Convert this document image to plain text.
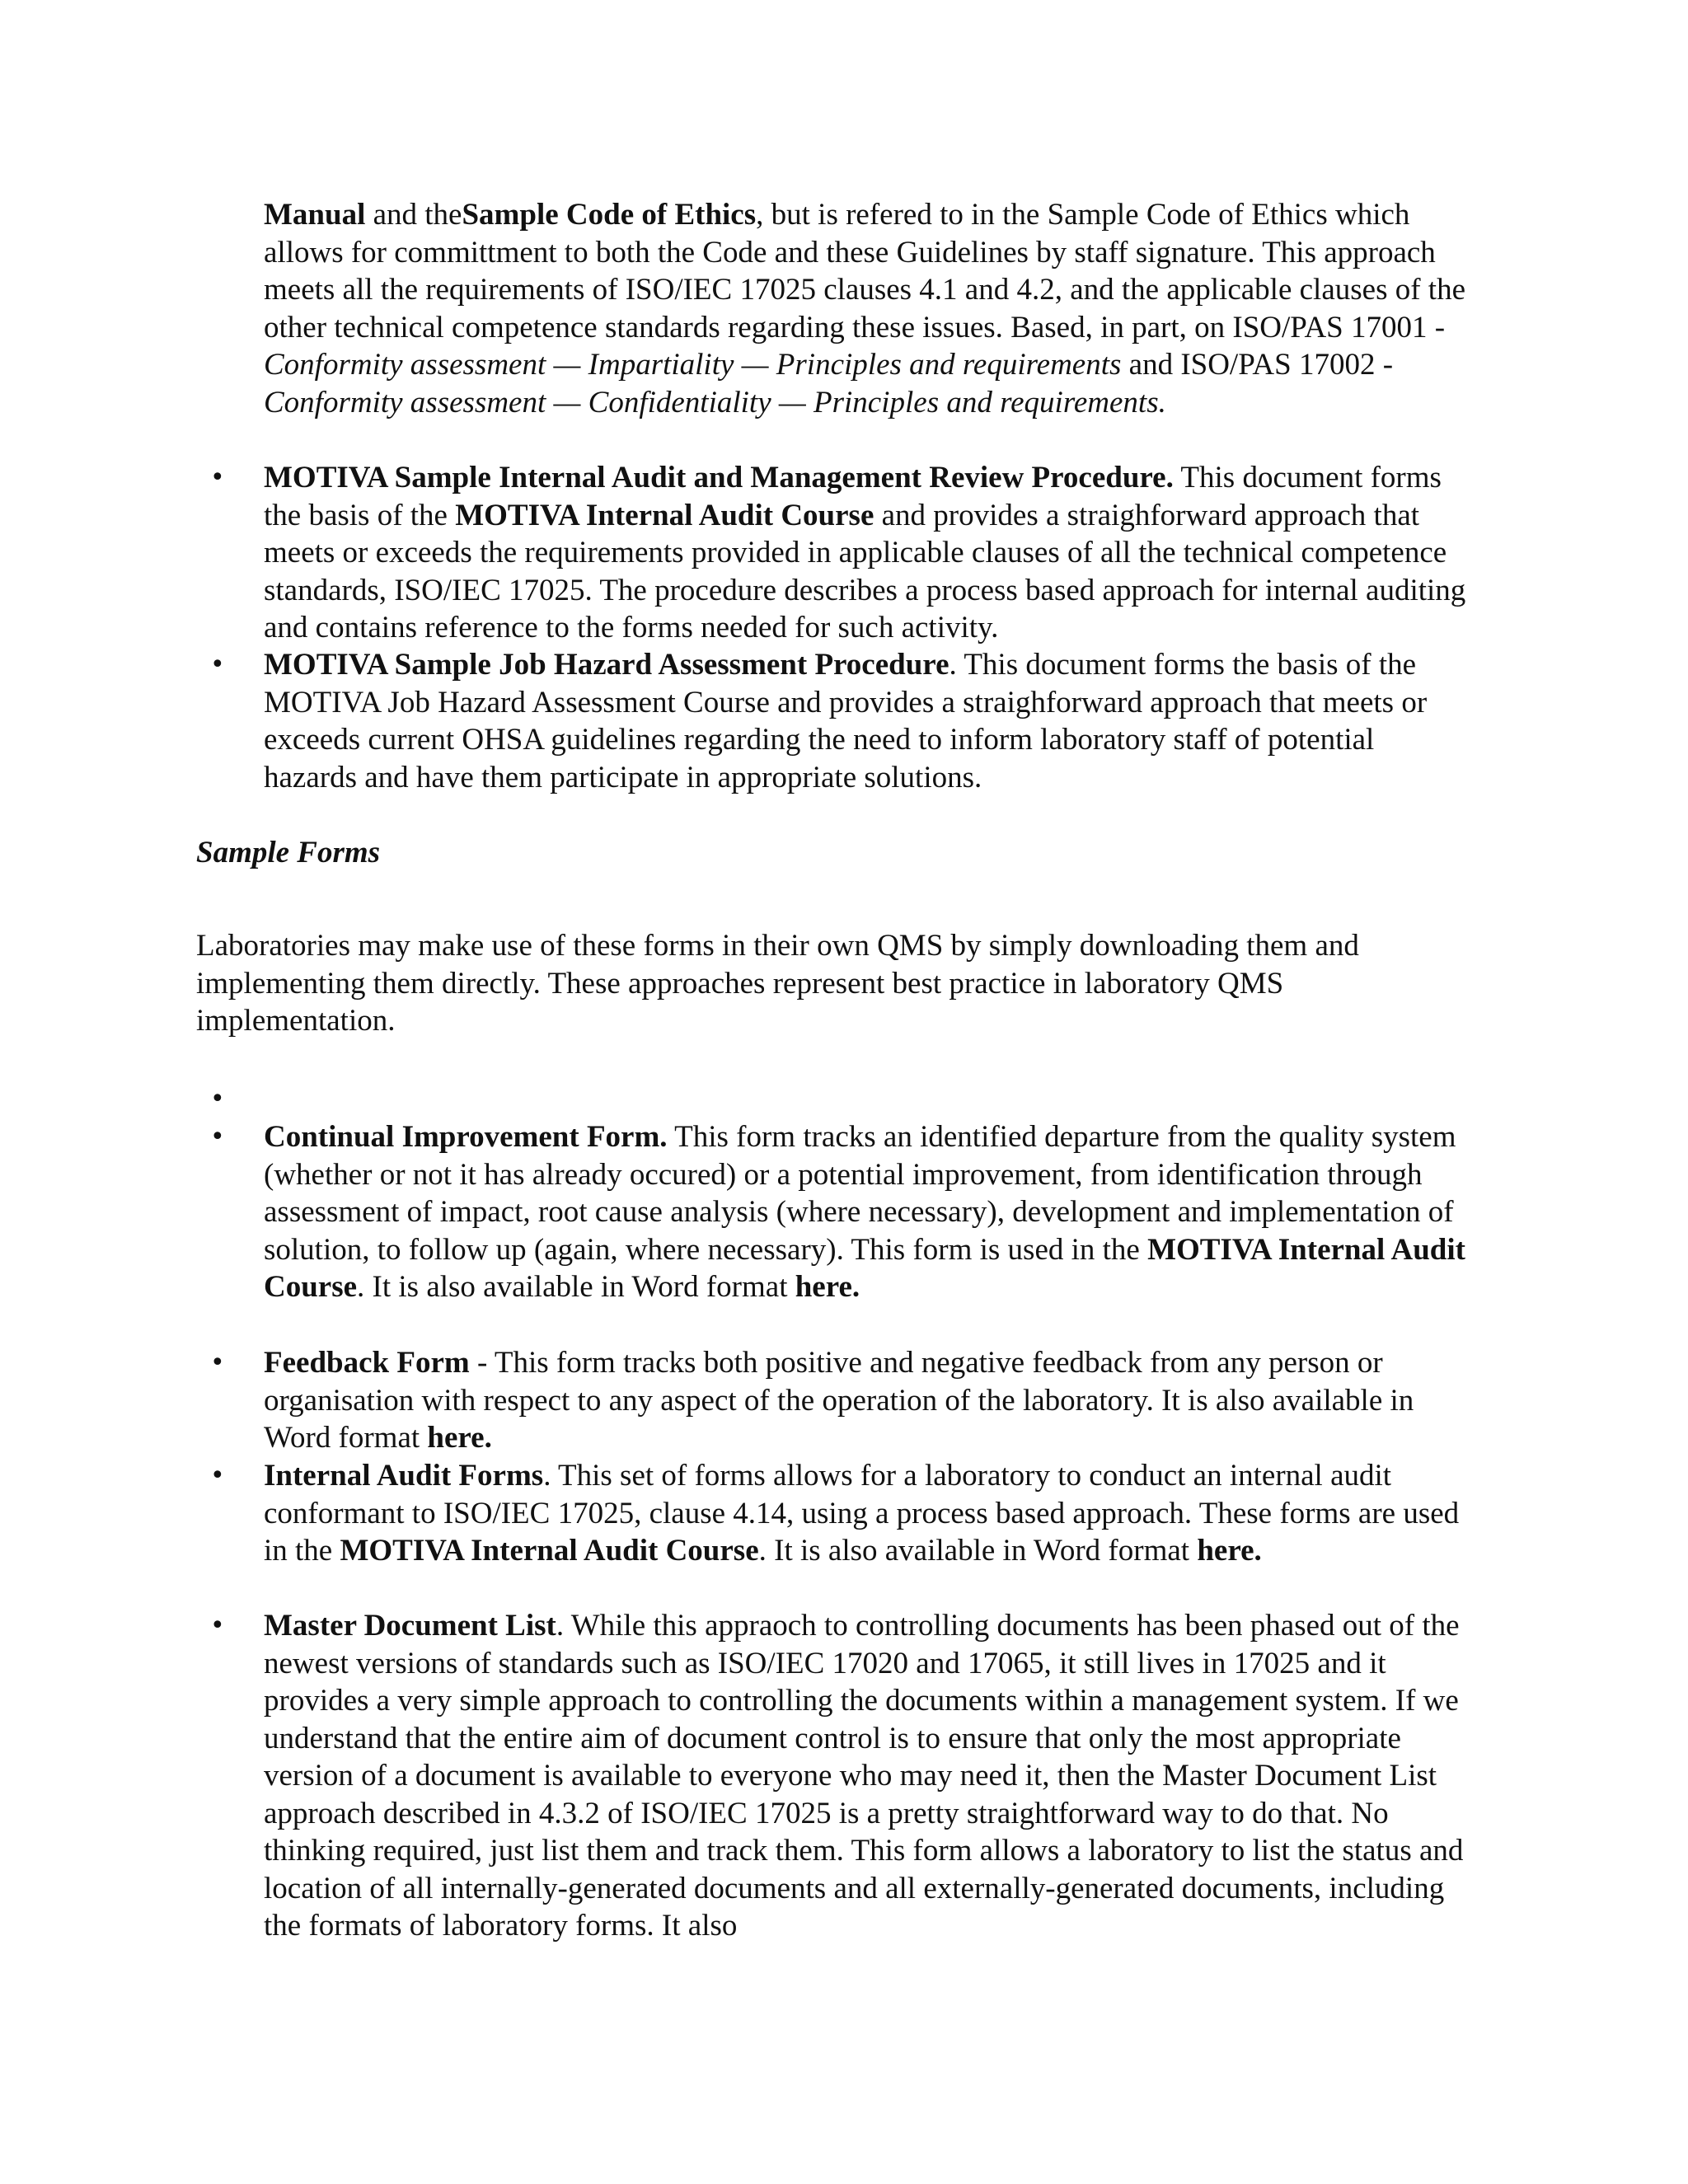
Manual and theSample Code of Ethics, but is refered to in the Sample Code of Ethics which allows for committment to both the Code and these Guidelines by staff signature. This approach meets all the requirements of ISO/IEC 17025 clauses 4.1 and 4.2, and the applicable clauses of the other technical competence standards regarding these issues. Based, in part, on ISO/PAS 17001 - Conformity assessment — Impartiality — Principles and requirements and ISO/PAS 17002 - Conformity assessment — Confidentiality — Principles and requirements.

• MOTIVA Sample Internal Audit and Management Review Procedure. This document forms the basis of the MOTIVA Internal Audit Course and provides a straighforward approach that meets or exceeds the requirements provided in applicable clauses of all the technical competence standards, ISO/IEC 17025. The procedure describes a process based approach for internal auditing and contains reference to the forms needed for such activity.

• MOTIVA Sample Job Hazard Assessment Procedure. This document forms the basis of the MOTIVA Job Hazard Assessment Course and provides a straighforward approach that meets or exceeds current OHSA guidelines regarding the need to inform laboratory staff of potential hazards and have them participate in appropriate solutions.

Sample Forms

Laboratories may make use of these forms in their own QMS by simply downloading them and implementing them directly. These approaches represent best practice in laboratory QMS implementation.

•
• Continual Improvement Form. This form tracks an identified departure from the quality system (whether or not it has already occured) or a potential improvement, from identification through assessment of impact, root cause analysis (where necessary), development and implementation of solution, to follow up (again, where necessary). This form is used in the MOTIVA Internal Audit Course. It is also available in Word format here.

• Feedback Form - This form tracks both positive and negative feedback from any person or organisation with respect to any aspect of the operation of the laboratory. It is also available in Word format here.

• Internal Audit Forms. This set of forms allows for a laboratory to conduct an internal audit conformant to ISO/IEC 17025, clause 4.14, using a process based approach. These forms are used in the MOTIVA Internal Audit Course. It is also available in Word format here.

• Master Document List. While this appraoch to controlling documents has been phased out of the newest versions of standards such as ISO/IEC 17020 and 17065, it still lives in 17025 and it provides a very simple approach to controlling the documents within a management system. If we understand that the entire aim of document control is to ensure that only the most appropriate version of a document is available to everyone who may need it, then the Master Document List approach described in 4.3.2 of ISO/IEC 17025 is a pretty straightforward way to do that. No thinking required, just list them and track them. This form allows a laboratory to list the status and location of all internally-generated documents and all externally-generated documents, including the formats of laboratory forms. It also
